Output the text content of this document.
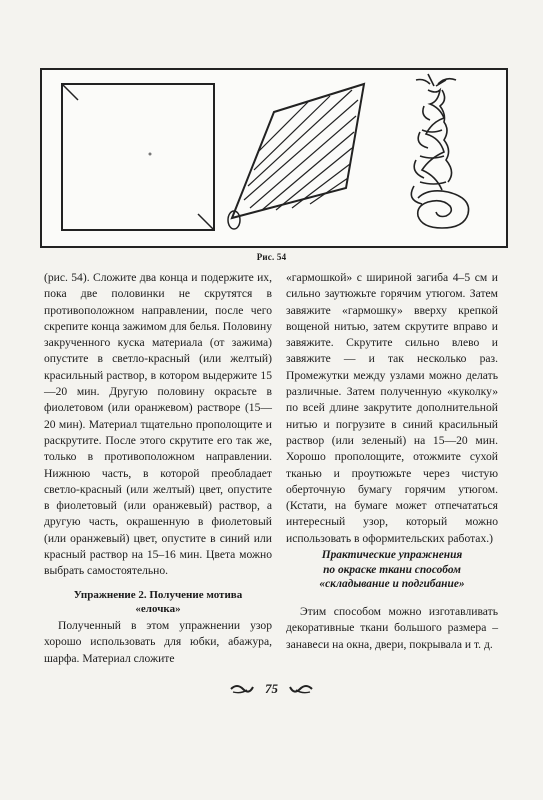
Рис. 54

(рис. 54). Сложите два конца и подержите их, пока две половинки не скрутятся в противоположном направлении, после чего скрепите конца зажимом для белья. Половину закрученного куска материала (от зажима) опустите в светло-красный (или желтый) красильный раствор, в котором выдержите 15—20 мин. Другую половину окрасьте в фиолетовом (или оранжевом) растворе (15—20 мин). Материал тщательно прополощите и раскрутите. После этого скрутите его так же, только в противоположном направлении. Нижнюю часть, в которой преобладает светло-красный (или желтый) цвет, опустите в фиолетовый (или оранжевый) раствор, а другую часть, окрашенную в фиолетовый (или оранжевый) цвет, опустите в синий или красный раствор на 15–16 мин. Цвета можно выбрать самостоятельно.

Упражнение 2. Получение мотива
«елочка»

Полученный в этом упражнении узор хорошо использовать для юбки, абажура, шарфа. Материал сложите

«гармошкой» с шириной загиба 4–5 см и сильно заутюжьте горячим утюгом. Затем завяжите «гармошку» вверху крепкой вощеной нитью, затем скрутите вправо и завяжите. Скрутите сильно влево и завяжите — и так несколько раз. Промежутки между узлами можно делать различные. Затем полученную «куколку» по всей длине закрутите дополнительной нитью и погрузите в синий красильный раствор (или зеленый) на 15—20 мин. Хорошо прополощите, отожмите сухой тканью и проутюжьте через чистую оберточную бумагу горячим утюгом. (Кстати, на бумаге может отпечататься интересный узор, который можно использовать в оформительских работах.)

Практические упражнения
по окраске ткани способом
«складывание и подгибание»

Этим способом можно изготавливать декоративные ткани большого размера – занавеси на окна, двери, покрывала и т. д.

75
